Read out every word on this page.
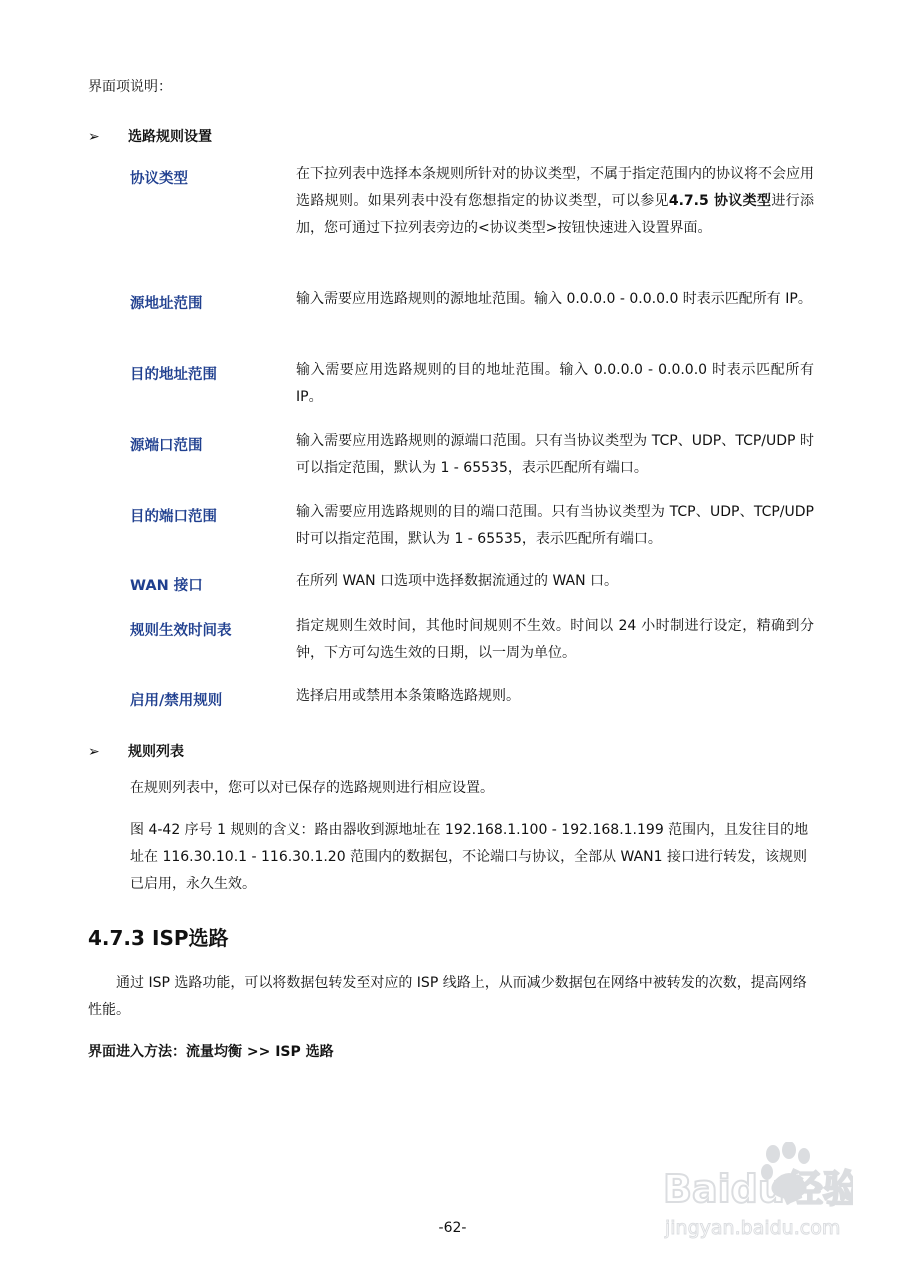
界面项说明：
➢ 选路规则设置
协议类型	在下拉列表中选择本条规则所针对的协议类型，不属于指定范围内的协议将不会应用选路规则。如果列表中没有您想指定的协议类型，可以参见4.7.5 协议类型进行添加，您可通过下拉列表旁边的<协议类型>按钮快速进入设置界面。
源地址范围	输入需要应用选路规则的源地址范围。输入 0.0.0.0 - 0.0.0.0 时表示匹配所有 IP。
目的地址范围	输入需要应用选路规则的目的地址范围。输入 0.0.0.0 - 0.0.0.0 时表示匹配所有 IP。
源端口范围	输入需要应用选路规则的源端口范围。只有当协议类型为 TCP、UDP、TCP/UDP 时可以指定范围，默认为 1 - 65535，表示匹配所有端口。
目的端口范围	输入需要应用选路规则的目的端口范围。只有当协议类型为 TCP、UDP、TCP/UDP 时可以指定范围，默认为 1 - 65535，表示匹配所有端口。
WAN 接口	在所列 WAN 口选项中选择数据流通过的 WAN 口。
规则生效时间表	指定规则生效时间，其他时间规则不生效。时间以 24 小时制进行设定，精确到分钟，下方可勾选生效的日期，以一周为单位。
启用/禁用规则	选择启用或禁用本条策略选路规则。
➢ 规则列表
在规则列表中，您可以对已保存的选路规则进行相应设置。
图 4-42 序号 1 规则的含义：路由器收到源地址在 192.168.1.100 - 192.168.1.199 范围内，且发往目的地址在 116.30.10.1 - 116.30.1.20 范围内的数据包，不论端口与协议，全部从 WAN1 接口进行转发，该规则已启用，永久生效。
4.7.3 ISP选路
通过 ISP 选路功能，可以将数据包转发至对应的 ISP 线路上，从而减少数据包在网络中被转发的次数，提高网络性能。
界面进入方法：流量均衡 >> ISP 选路
Baidu经验
jingyan.baidu.com
-62-
